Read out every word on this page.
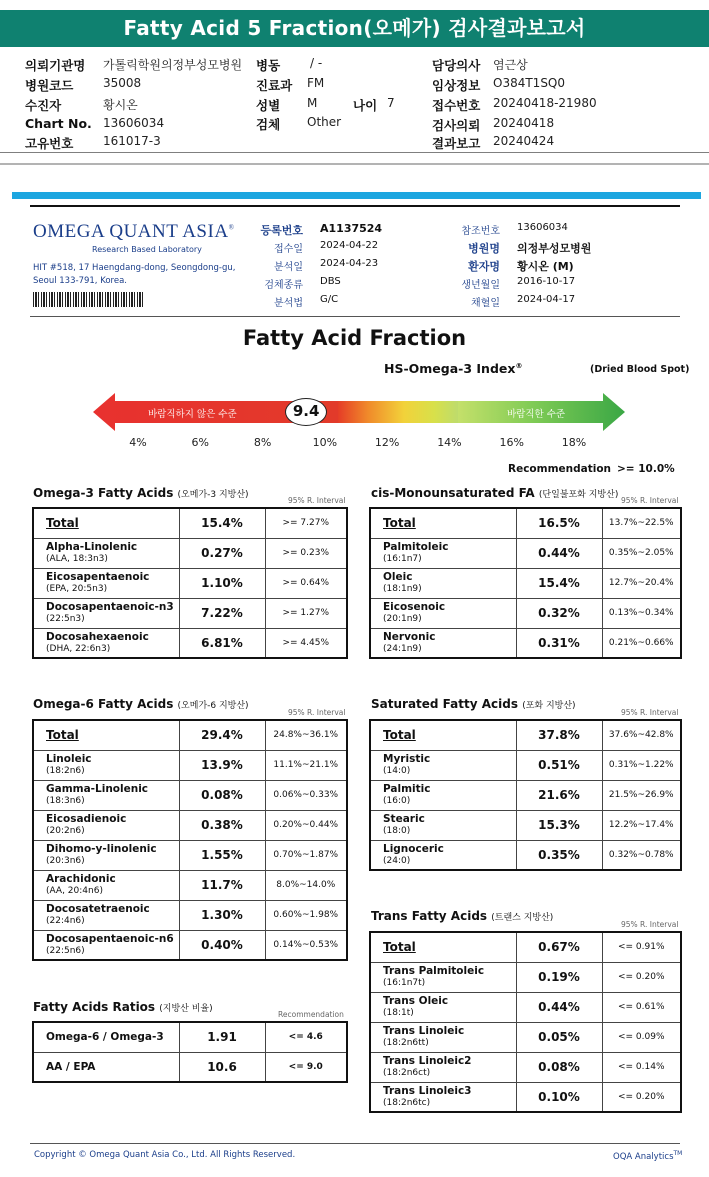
Fatty Acid 5 Fraction(오메가) 검사결과보고서
의뢰기관명 가톨릭학원의정부성모병원
병원코드 35008
수진자	황시온
Chart No. 13606034
고유번호 161017-3
병동 / -
진료과 FM
성별 M	나이 7
검체 Other
담당의사 염근상
임상정보 O384T1SQ0
접수번호 20240418-21980
검사의뢰 20240418
결과보고 20240424
OMEGA QUANT ASIA®
Research Based Laboratory
HIT #518, 17 Haengdang-dong, Seongdong-gu, Seoul 133-791, Korea.
등록번호 A1137524
접수일 2024-04-22
분석일 2024-04-23
검체종류 DBS
분석법 G/C
참조번호 13606034
병원명 의정부성모병원
환자명 황시온 (M)
생년월일 2016-10-17
채혈일 2024-04-17
Fatty Acid Fraction
HS-Omega-3 Index®	(Dried Blood Spot)
바람직하지 않은 수준	바람직한 수준
9.4
4%	6%	8%	10%	12%	14%	16%	18%
Recommendation >= 10.0%
Omega-3 Fatty Acids (오메가-3 지방산)
95% R. Interval
Total	15.4%	>= 7.27%
Alpha-Linolenic
(ALA, 18:3n3)	0.27%	>= 0.23%
Eicosapentaenoic
(EPA, 20:5n3)	1.10%	>= 0.64%
Docosapentaenoic-n3
(22:5n3)	7.22%	>= 1.27%
Docosahexaenoic
(DHA, 22:6n3)	6.81%	>= 4.45%
cis-Monounsaturated FA (단일불포화 지방산)
95% R. Interval
Total	16.5%	13.7%~22.5%
Palmitoleic
(16:1n7)	0.44%	0.35%~2.05%
Oleic
(18:1n9)	15.4%	12.7%~20.4%
Eicosenoic
(20:1n9)	0.32%	0.13%~0.34%
Nervonic
(24:1n9)	0.31%	0.21%~0.66%
Omega-6 Fatty Acids (오메가-6 지방산)
95% R. Interval
Total	29.4%	24.8%~36.1%
Linoleic
(18:2n6)	13.9%	11.1%~21.1%
Gamma-Linolenic
(18:3n6)	0.08%	0.06%~0.33%
Eicosadienoic
(20:2n6)	0.38%	0.20%~0.44%
Dihomo-y-linolenic
(20:3n6)	1.55%	0.70%~1.87%
Arachidonic
(AA, 20:4n6)	11.7%	8.0%~14.0%
Docosatetraenoic
(22:4n6)	1.30%	0.60%~1.98%
Docosapentaenoic-n6
(22:5n6)	0.40%	0.14%~0.53%
Saturated Fatty Acids (포화 지방산)
95% R. Interval
Total	37.8%	37.6%~42.8%
Myristic
(14:0)	0.51%	0.31%~1.22%
Palmitic
(16:0)	21.6%	21.5%~26.9%
Stearic
(18:0)	15.3%	12.2%~17.4%
Lignoceric
(24:0)	0.35%	0.32%~0.78%
Trans Fatty Acids (트랜스 지방산)
95% R. Interval
Total	0.67%	<= 0.91%
Trans Palmitoleic
(16:1n7t)	0.19%	<= 0.20%
Trans Oleic
(18:1t)	0.44%	<= 0.61%
Trans Linoleic
(18:2n6tt)	0.05%	<= 0.09%
Trans Linoleic2
(18:2n6ct)	0.08%	<= 0.14%
Trans Linoleic3
(18:2n6tc)	0.10%	<= 0.20%
Fatty Acids Ratios (지방산 비율)
Recommendation
Omega-6 / Omega-3	1.91	<= 4.6
AA / EPA	10.6	<= 9.0
Copyright © Omega Quant Asia Co., Ltd. All Rights Reserved.	OQA Analytics™
